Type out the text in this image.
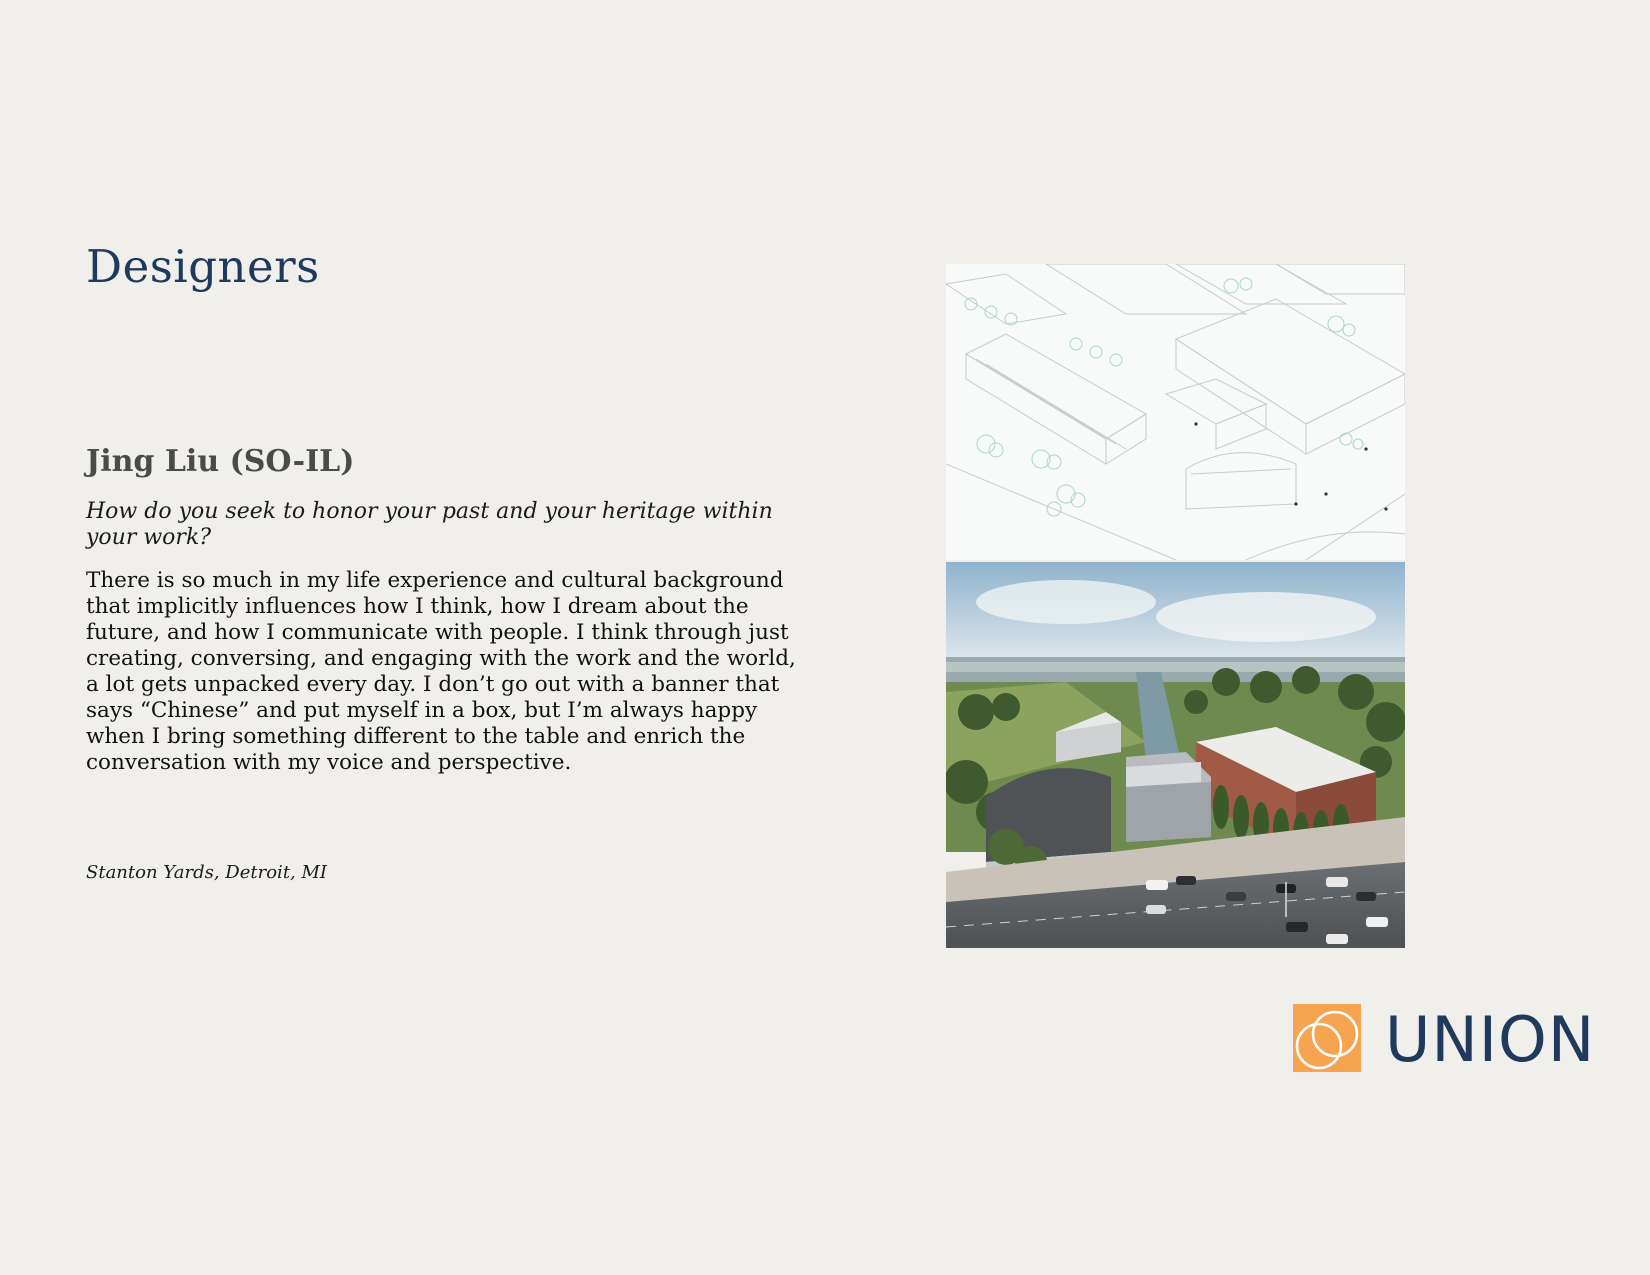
Designers
Jing Liu (SO-IL)

How do you seek to honor your past and your heritage within your work?

There is so much in my life experience and cultural background that implicitly influences how I think, how I dream about the future, and how I communicate with people. I think through just creating, conversing, and engaging with the work and the world, a lot gets unpacked every day. I don’t go out with a banner that says “Chinese” and put myself in a box, but I’m always happy when I bring something different to the table and enrich the conversation with my voice and perspective.

Stanton Yards, Detroit, MI

UNION
